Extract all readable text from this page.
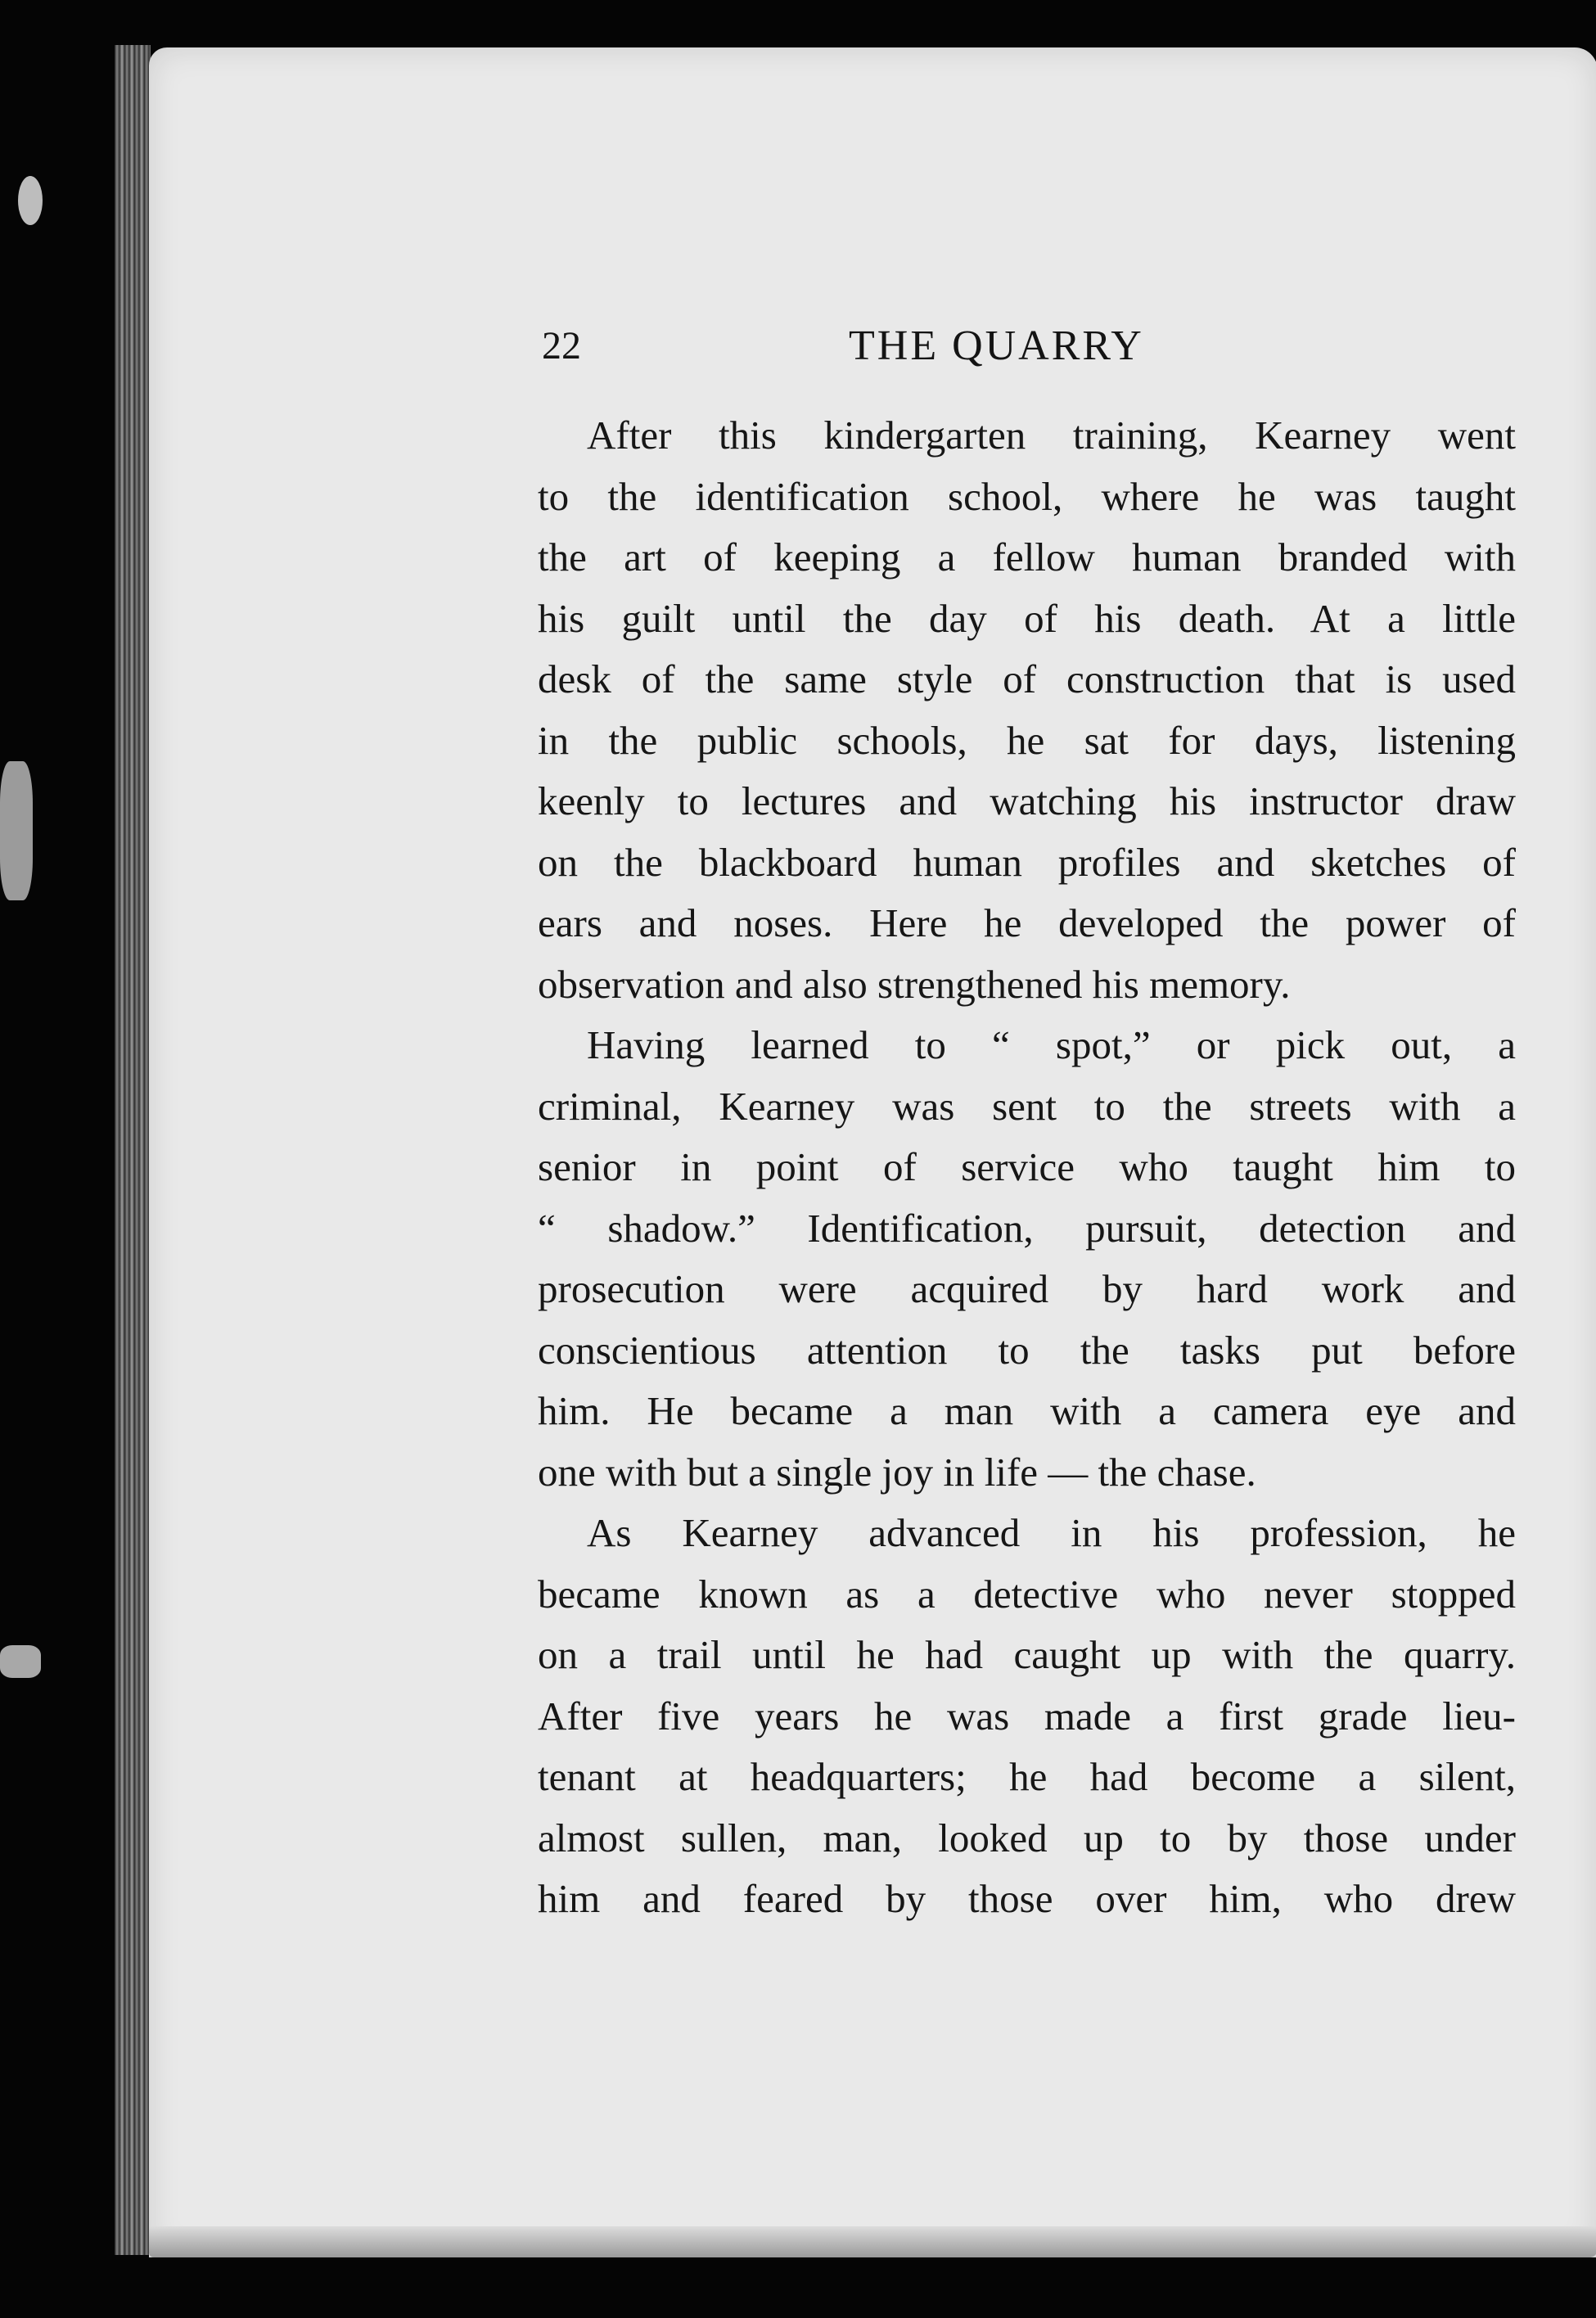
22	THE QUARRY
After this kindergarten training, Kearney went
to the identification school, where he was taught
the art of keeping a fellow human branded with
his guilt until the day of his death. At a little
desk of the same style of construction that is used
in the public schools, he sat for days, listening
keenly to lectures and watching his instructor draw
on the blackboard human profiles and sketches of
ears and noses. Here he developed the power of
observation and also strengthened his memory.
Having learned to “ spot,” or pick out, a
criminal, Kearney was sent to the streets with a
senior in point of service who taught him to
“ shadow.” Identification, pursuit, detection and
prosecution were acquired by hard work and
conscientious attention to the tasks put before
him. He became a man with a camera eye and
one with but a single joy in life — the chase.
As Kearney advanced in his profession, he
became known as a detective who never stopped
on a trail until he had caught up with the quarry.
After five years he was made a first grade lieu-
tenant at headquarters; he had become a silent,
almost sullen, man, looked up to by those under
him and feared by those over him, who drew
